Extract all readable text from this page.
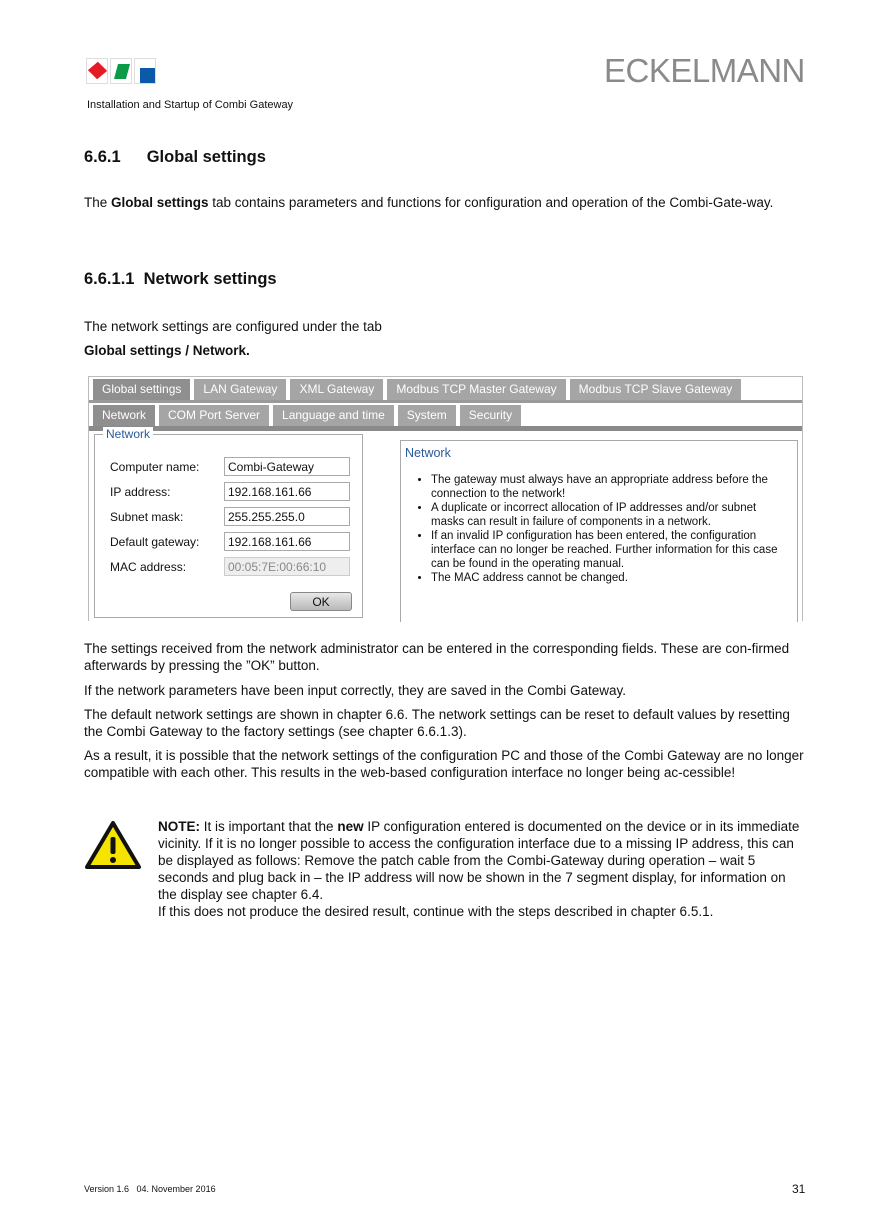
ECKELMANN
Installation and Startup of Combi Gateway
6.6.1 Global settings

The Global settings tab contains parameters and functions for configuration and operation of the Combi-Gate-way.

6.6.1.1 Network settings

The network settings are configured under the tab

Global settings / Network.

Global settings	LAN Gateway	XML Gateway	Modbus TCP Master Gateway	Modbus TCP Slave Gateway
Network	COM Port Server	Language and time	System	Security
Network
Computer name:	Combi-Gateway
IP address:	192.168.161.66
Subnet mask:	255.255.255.0
Default gateway:	192.168.161.66
MAC address:	00:05:7E:00:66:10
OK
Network
• The gateway must always have an appropriate address before the connection to the network!
• A duplicate or incorrect allocation of IP addresses and/or subnet masks can result in failure of components in a network.
• If an invalid IP configuration has been entered, the configuration interface can no longer be reached. Further information for this case can be found in the operating manual.
• The MAC address cannot be changed.

The settings received from the network administrator can be entered in the corresponding fields. These are con-firmed afterwards by pressing the ”OK” button.

If the network parameters have been input correctly, they are saved in the Combi Gateway.

The default network settings are shown in chapter 6.6. The network settings can be reset to default values by resetting the Combi Gateway to the factory settings (see chapter 6.6.1.3).

As a result, it is possible that the network settings of the configuration PC and those of the Combi Gateway are no longer compatible with each other. This results in the web-based configuration interface no longer being ac-cessible!

NOTE: It is important that the new IP configuration entered is documented on the device or in its immediate vicinity. If it is no longer possible to access the configuration interface due to a missing IP address, this can be displayed as follows: Remove the patch cable from the Combi-Gateway during operation – wait 5 seconds and plug back in – the IP address will now be shown in the 7 segment display, for information on the display see chapter 6.4.
If this does not produce the desired result, continue with the steps described in chapter 6.5.1.
Version 1.6   04. November 2016	31
